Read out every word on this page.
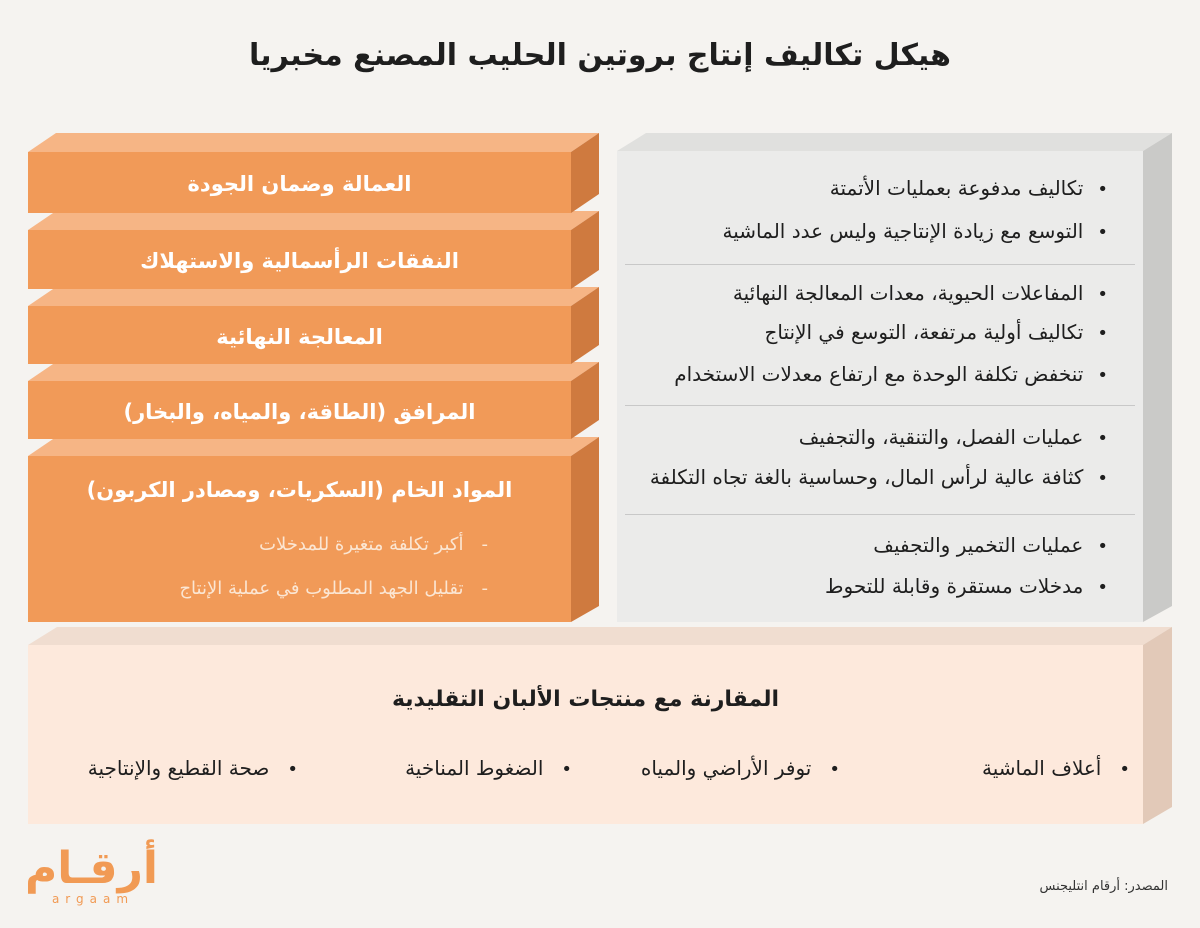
هيكل تكاليف إنتاج بروتين الحليب المصنع مخبريا
العمالة وضمان الجودة
النفقات الرأسمالية والاستهلاك
المعالجة النهائية
المرافق (الطاقة، والمياه، والبخار)
المواد الخام (السكريات، ومصادر الكربون)
- أكبر تكلفة متغيرة للمدخلات
- تقليل الجهد المطلوب في عملية الإنتاج
• تكاليف مدفوعة بعمليات الأتمتة
• التوسع مع زيادة الإنتاجية وليس عدد الماشية
• المفاعلات الحيوية، معدات المعالجة النهائية
• تكاليف أولية مرتفعة، التوسع في الإنتاج
• تنخفض تكلفة الوحدة مع ارتفاع معدلات الاستخدام
• عمليات الفصل، والتنقية، والتجفيف
• كثافة عالية لرأس المال، وحساسية بالغة تجاه التكلفة
• عمليات التخمير والتجفيف
• مدخلات مستقرة وقابلة للتحوط
المقارنة مع منتجات الألبان التقليدية
• أعلاف الماشية
• توفر الأراضي والمياه
• الضغوط المناخية
• صحة القطيع والإنتاجية
المصدر: أرقام انتليجنس
أرقـام
argaam
